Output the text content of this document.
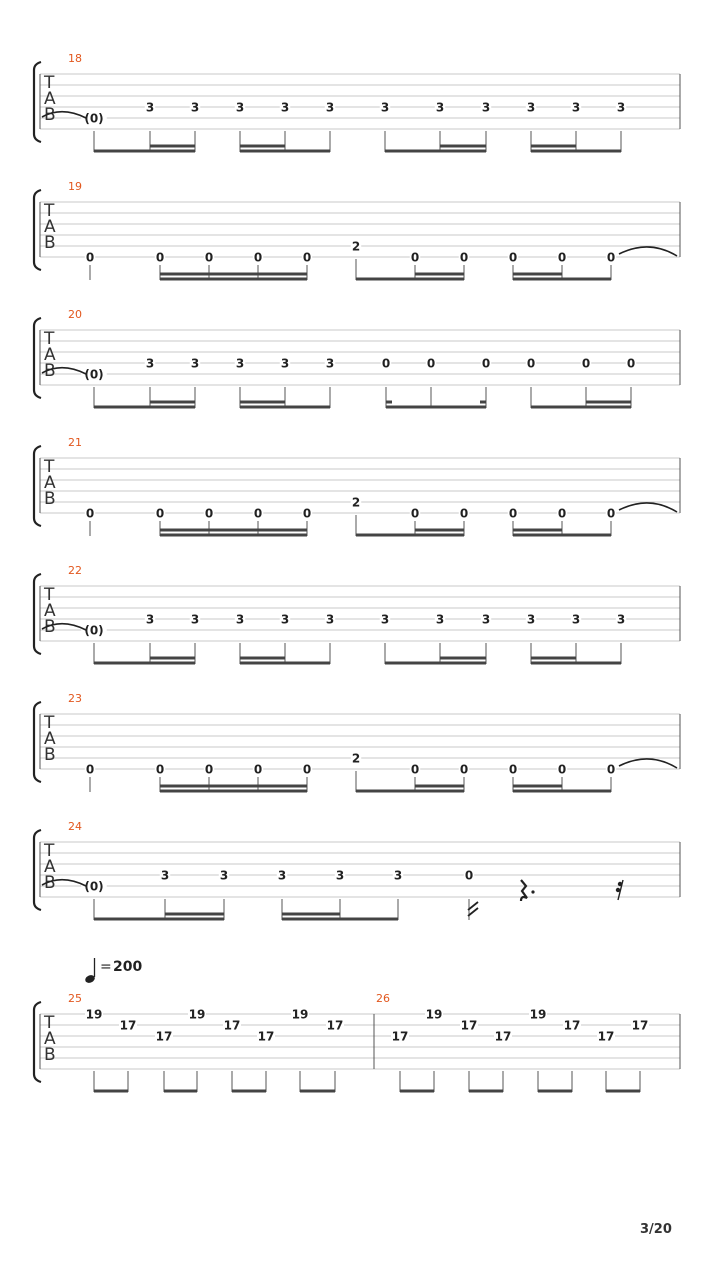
T
A
B
18
(0)
3	3	3	3	3	3	3	3	3	3	3
T
A
B
19
0	0	0	0	0
2
0	0	0	0	0
T
A
B
20
(0)
3	3	3	3	3	0	0	0	0	0	0
T
A
B
21
0	0	0	0	0
2
0	0	0	0	0
T
A
B
22
(0)
3	3	3	3	3	3	3	3	3	3	3
T
A
B
23
0	0	0	0	0
2
0	0	0	0	0
T
A
B
24
(0)
3	3	3	3	3	0
T
A
B
25	26
19
17
17
19
17
17
19
17
17
19
17
17
19
17
17
17
= 200
3/20
